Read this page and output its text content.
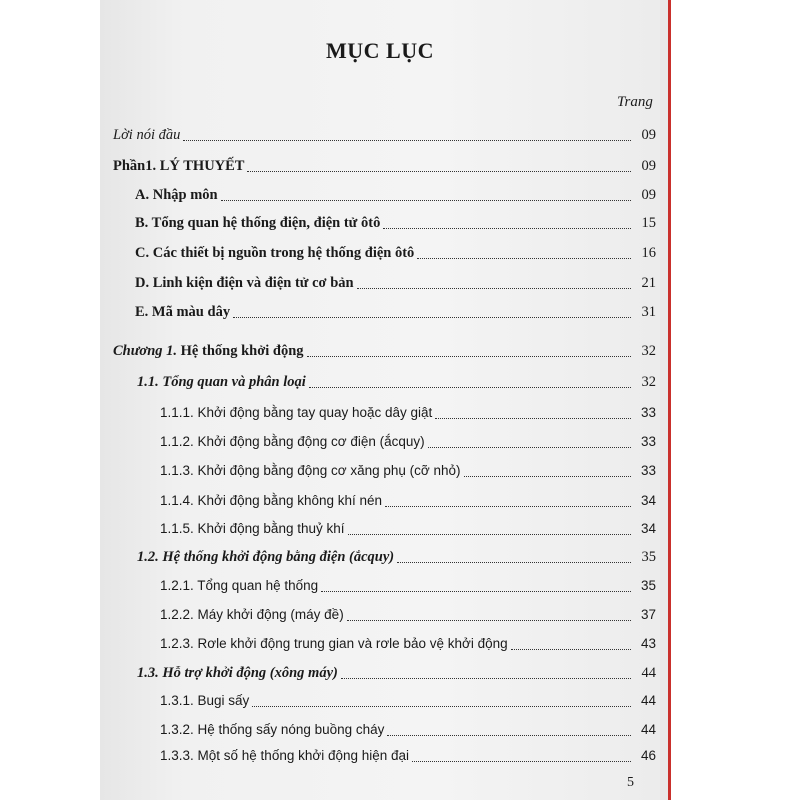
MỤC LỤC
Trang
Lời nói đầu	09
Phần1. LÝ THUYẾT	09
A. Nhập môn	09
B. Tổng quan hệ thống điện, điện tử ôtô	15
C. Các thiết bị nguồn trong hệ thống điện ôtô	16
D. Linh kiện điện và điện tử cơ bản	21
E. Mã màu dây	31
Chương 1. Hệ thống khởi động	32
1.1. Tổng quan và phân loại	32
1.1.1. Khởi động bằng tay quay hoặc dây giật	33
1.1.2. Khởi động bằng động cơ điện (ắcquy)	33
1.1.3. Khởi động bằng động cơ xăng phụ (cỡ nhỏ)	33
1.1.4. Khởi động bằng không khí nén	34
1.1.5. Khởi động bằng thuỷ khí	34
1.2. Hệ thống khởi động bằng điện (ắcquy)	35
1.2.1. Tổng quan hệ thống	35
1.2.2. Máy khởi động (máy đề)	37
1.2.3. Rơle khởi động trung gian và rơle bảo vệ khởi động	43
1.3. Hỗ trợ khởi động (xông máy)	44
1.3.1. Bugi sấy	44
1.3.2. Hệ thống sấy nóng buồng cháy	44
1.3.3. Một số hệ thống khởi động hiện đại	46
5
